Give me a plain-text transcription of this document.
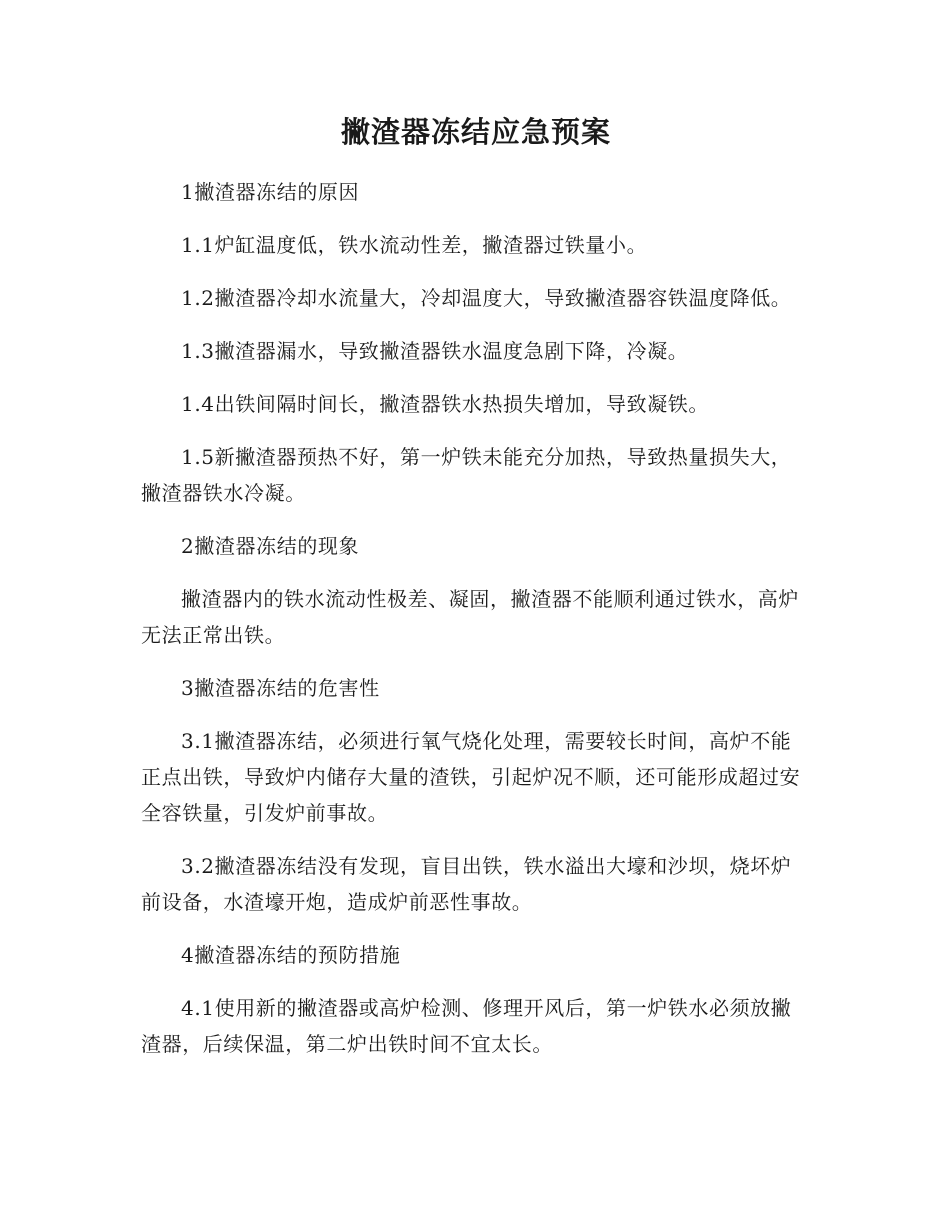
撇渣器冻结应急预案

1撇渣器冻结的原因

1.1炉缸温度低，铁水流动性差，撇渣器过铁量小。

1.2撇渣器冷却水流量大，冷却温度大，导致撇渣器容铁温度降低。

1.3撇渣器漏水，导致撇渣器铁水温度急剧下降，冷凝。

1.4出铁间隔时间长，撇渣器铁水热损失增加，导致凝铁。

1.5新撇渣器预热不好，第一炉铁未能充分加热，导致热量损失大，撇渣器铁水冷凝。

2撇渣器冻结的现象

撇渣器内的铁水流动性极差、凝固，撇渣器不能顺利通过铁水，高炉无法正常出铁。

3撇渣器冻结的危害性

3.1撇渣器冻结，必须进行氧气烧化处理，需要较长时间，高炉不能正点出铁，导致炉内储存大量的渣铁，引起炉况不顺，还可能形成超过安全容铁量，引发炉前事故。

3.2撇渣器冻结没有发现，盲目出铁，铁水溢出大壕和沙坝，烧坏炉前设备，水渣壕开炮，造成炉前恶性事故。

4撇渣器冻结的预防措施

4.1使用新的撇渣器或高炉检测、修理开风后，第一炉铁水必须放撇渣器，后续保温，第二炉出铁时间不宜太长。
